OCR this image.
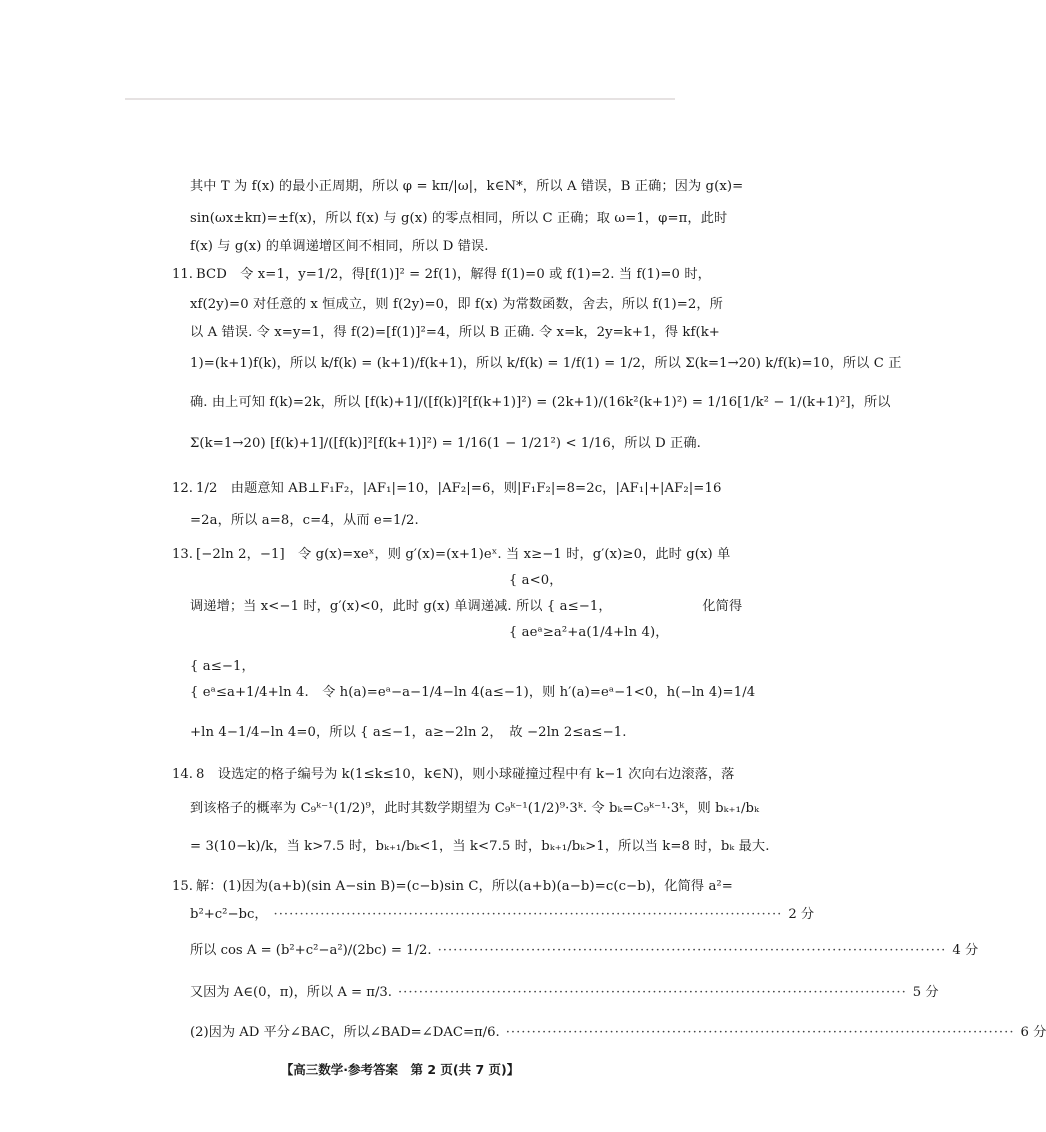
其中 T 为 f(x) 的最小正周期，所以 φ = kπ/|ω|，k∈N*，所以 A 错误，B 正确；因为 g(x)=
sin(ωx±kπ)=±f(x)，所以 f(x) 与 g(x) 的零点相同，所以 C 正确；取 ω=1，φ=π，此时
f(x) 与 g(x) 的单调递增区间不相同，所以 D 错误.
11. BCD　令 x=1，y=1/2，得[f(1)]² = 2f(1)，解得 f(1)=0 或 f(1)=2. 当 f(1)=0 时，
xf(2y)=0 对任意的 x 恒成立，则 f(2y)=0，即 f(x) 为常数函数，舍去，所以 f(1)=2，所
以 A 错误. 令 x=y=1，得 f(2)=[f(1)]²=4，所以 B 正确. 令 x=k，2y=k+1，得 kf(k+
1)=(k+1)f(k)，所以 k/f(k) = (k+1)/f(k+1)，所以 k/f(k) = 1/f(1) = 1/2，所以 Σ(k=1→20) k/f(k)=10，所以 C 正
确. 由上可知 f(k)=2k，所以 [f(k)+1]/([f(k)]²[f(k+1)]²) = (2k+1)/(16k²(k+1)²) = 1/16[1/k² − 1/(k+1)²]，所以
Σ(k=1→20) [f(k)+1]/([f(k)]²[f(k+1)]²) = 1/16(1 − 1/21²) < 1/16，所以 D 正确.
12. 1/2　由题意知 AB⊥F₁F₂，|AF₁|=10，|AF₂|=6，则|F₁F₂|=8=2c，|AF₁|+|AF₂|=16
=2a，所以 a=8，c=4，从而 e=1/2.
13. [−2ln 2，−1]　令 g(x)=xeˣ，则 g′(x)=(x+1)eˣ. 当 x≥−1 时，g′(x)≥0，此时 g(x) 单
　　　　　　　　　　　　　　　　　　　　　　　　{ a<0，
调递增；当 x<−1 时，g′(x)<0，此时 g(x) 单调递减. 所以 { a≤−1，　　　　　　　 化简得
　　　　　　　　　　　　　　　　　　　　　　　　{ aeᵃ≥a²+a(1/4+ln 4)，
{ a≤−1，
{ eᵃ≤a+1/4+ln 4.　令 h(a)=eᵃ−a−1/4−ln 4(a≤−1)，则 h′(a)=eᵃ−1<0，h(−ln 4)=1/4
+ln 4−1/4−ln 4=0，所以 { a≤−1，a≥−2ln 2，　故 −2ln 2≤a≤−1.
14. 8　设选定的格子编号为 k(1≤k≤10，k∈N)，则小球碰撞过程中有 k−1 次向右边滚落，落
到该格子的概率为 C₉ᵏ⁻¹(1/2)⁹，此时其数学期望为 C₉ᵏ⁻¹(1/2)⁹·3ᵏ. 令 bₖ=C₉ᵏ⁻¹·3ᵏ，则 bₖ₊₁/bₖ
= 3(10−k)/k，当 k>7.5 时，bₖ₊₁/bₖ<1，当 k<7.5 时，bₖ₊₁/bₖ>1，所以当 k=8 时，bₖ 最大.
15. 解：(1)因为(a+b)(sin A−sin B)=(c−b)sin C，所以(a+b)(a−b)=c(c−b)，化简得 a²=
b²+c²−bc， ·································································································· 2 分
所以 cos A = (b²+c²−a²)/(2bc) = 1/2. ·································································································· 4 分
又因为 A∈(0，π)，所以 A = π/3. ·································································································· 5 分
(2)因为 AD 平分∠BAC，所以∠BAD=∠DAC=π/6. ·································································································· 6 分
【高三数学·参考答案　第 2 页(共 7 页)】
